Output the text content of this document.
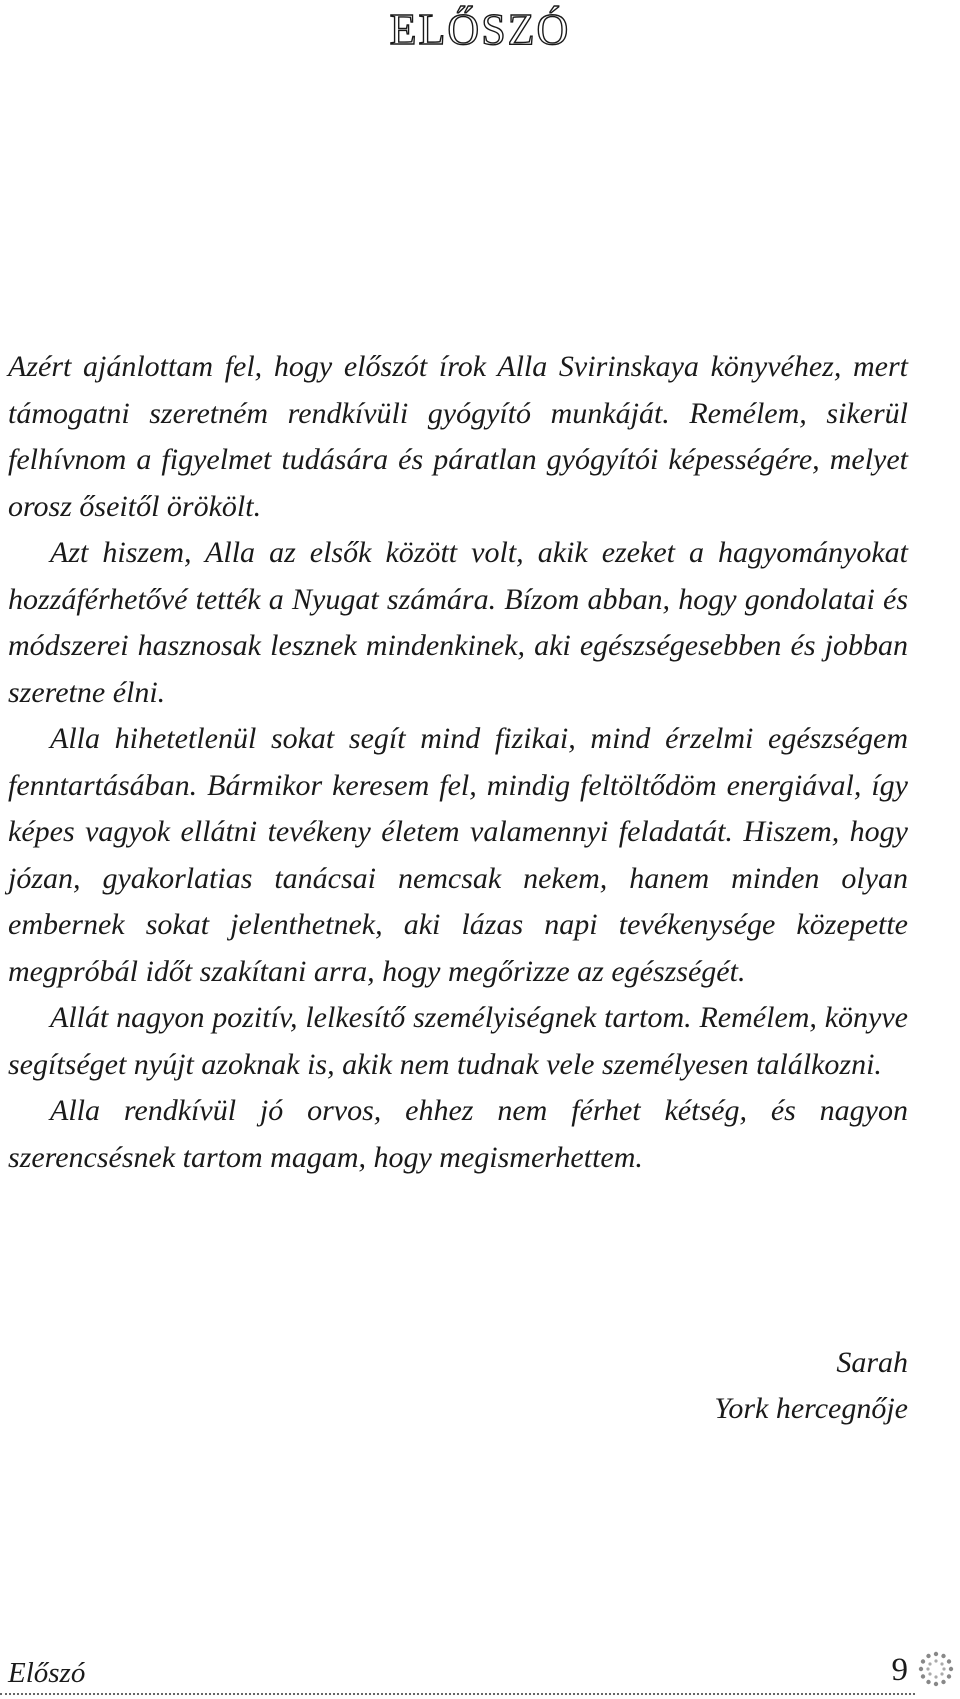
ELŐSZÓ

Azért ajánlottam fel, hogy előszót írok Alla Svirinskaya könyvéhez, mert támogatni szeretném rendkívüli gyógyító munkáját. Remélem, sikerül felhívnom a figyelmet tudására és páratlan gyógyítói képességére, melyet orosz őseitől örökölt.

Azt hiszem, Alla az elsők között volt, akik ezeket a hagyományokat hozzáférhetővé tették a Nyugat számára. Bízom abban, hogy gondolatai és módszerei hasznosak lesznek mindenkinek, aki egészségesebben és jobban szeretne élni.

Alla hihetetlenül sokat segít mind fizikai, mind érzelmi egészségem fenntartásában. Bármikor keresem fel, mindig feltöltődöm energiával, így képes vagyok ellátni tevékeny életem valamennyi feladatát. Hiszem, hogy józan, gyakorlatias tanácsai nemcsak nekem, hanem minden olyan embernek sokat jelenthetnek, aki lázas napi tevékenysége közepette megpróbál időt szakítani arra, hogy megőrizze az egészségét.

Allát nagyon pozitív, lelkesítő személyiségnek tartom. Remélem, könyve segítséget nyújt azoknak is, akik nem tudnak vele személyesen találkozni.

Alla rendkívül jó orvos, ehhez nem férhet kétség, és nagyon szerencsésnek tartom magam, hogy megismerhettem.

Sarah
York hercegnője
Előszó	9
